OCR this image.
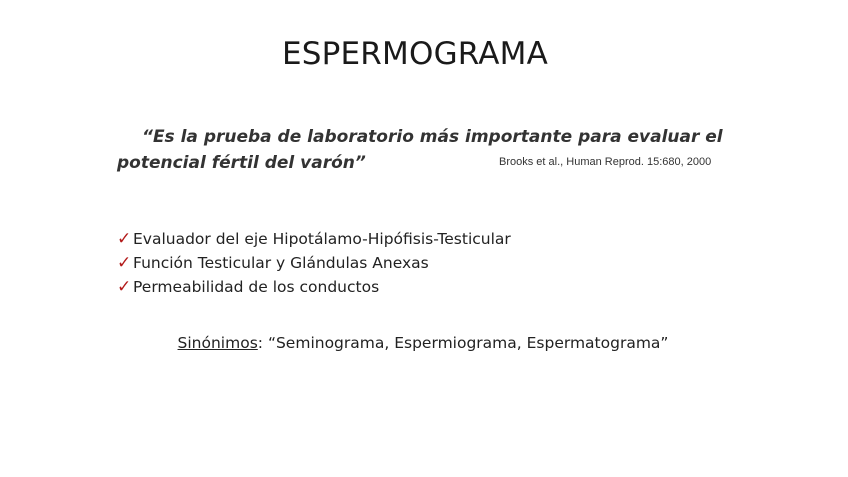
ESPERMOGRAMA

“Es la prueba de laboratorio más importante para evaluar el
potencial fértil del varón”	Brooks et al., Human Reprod. 15:680, 2000
✓ Evaluador del eje Hipotálamo-Hipófisis-Testicular
✓ Función Testicular y Glándulas Anexas
✓ Permeabilidad de los conductos
Sinónimos: “Seminograma, Espermiograma, Espermatograma”
